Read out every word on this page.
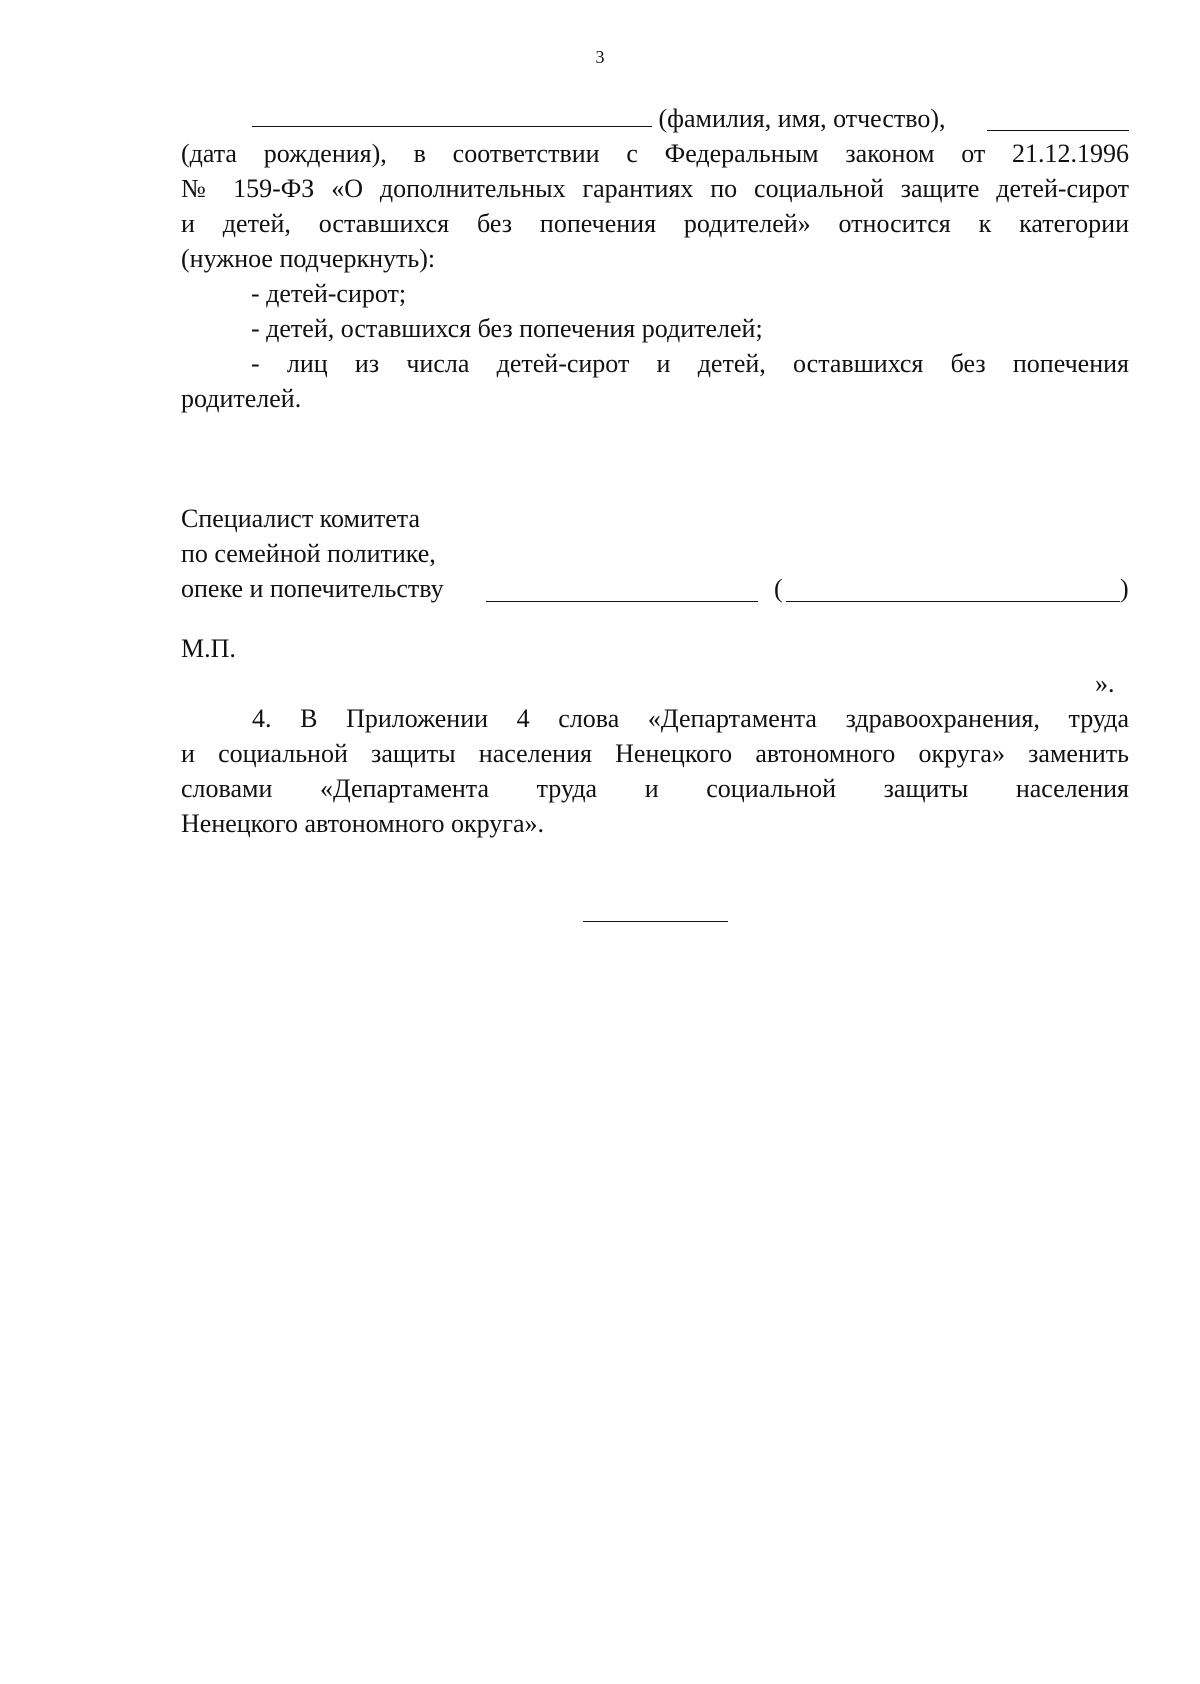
3
(фамилия, имя, отчество),
(дата рождения), в соответствии с Федеральным законом от 21.12.1996
№ 159-ФЗ «О дополнительных гарантиях по социальной защите детей-сирот
и детей, оставшихся без попечения родителей» относится к категории
(нужное подчеркнуть):
- детей-сирот;
- детей, оставшихся без попечения родителей;
- лиц из числа детей-сирот и детей, оставшихся без попечения
родителей.
Специалист комитета
по семейной политике,
опеке и попечительству	(	)
М.П.
».
4. В Приложении 4 слова «Департамента здравоохранения, труда
и социальной защиты населения Ненецкого автономного округа» заменить
словами «Департамента труда и социальной защиты населения
Ненецкого автономного округа».
